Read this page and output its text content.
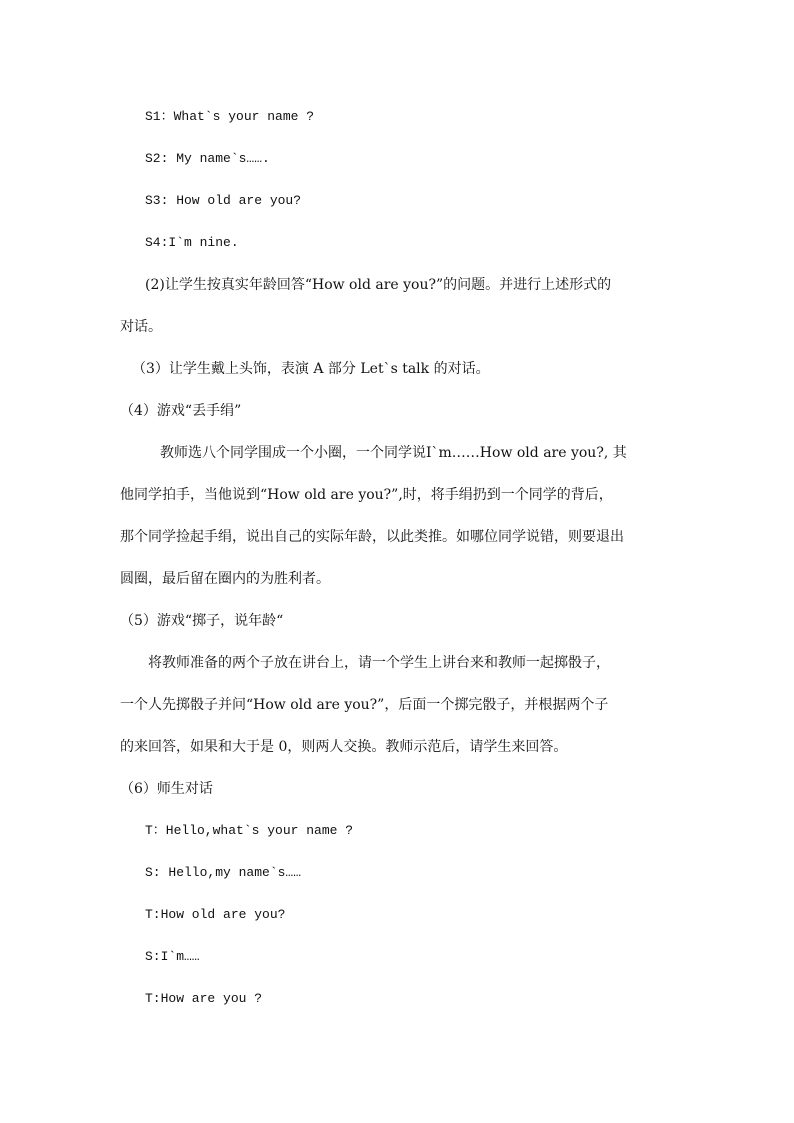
S1：What`s your name ?
S2: My name`s…….
S3: How old are you?
S4:I`m nine.
(2)让学生按真实年龄回答“How old are you?”的问题。并进行上述形式的
对话。
（3）让学生戴上头饰，表演 A 部分 Let`s talk 的对话。
（4）游戏“丢手绢”
教师选八个同学围成一个小圈，一个同学说I`m……How old are you?, 其
他同学拍手，当他说到“How old are you?”,时，将手绢扔到一个同学的背后，
那个同学捡起手绢，说出自己的实际年龄，以此类推。如哪位同学说错，则要退出
圆圈，最后留在圈内的为胜利者。
（5）游戏“掷子，说年龄“
将教师准备的两个子放在讲台上，请一个学生上讲台来和教师一起掷骰子，
一个人先掷骰子并问“How old are you?”，后面一个掷完骰子，并根据两个子
的来回答，如果和大于是 0，则两人交换。教师示范后，请学生来回答。
（6）师生对话
T：Hello,what`s your name ?
S: Hello,my name`s……
T:How old are you?
S:I`m……
T:How are you ?
